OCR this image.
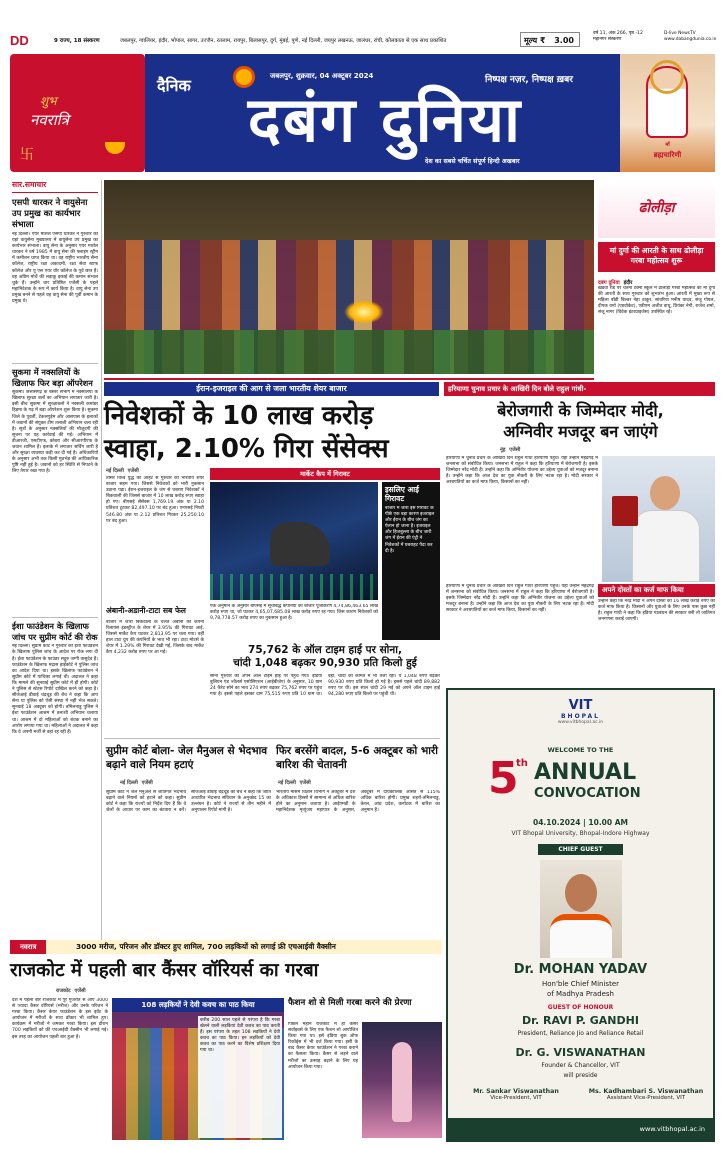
DD	9 राज्य, 18 संस्करण	जबलपुर, ग्वालियर, इंदौर, भोपाल, सागर, उज्जैन, रतलाम, रायपुर, बिलासपुर, दुर्ग, मुंबई, पुणे, नई दिल्ली, जयपुर लखनऊ, जालंधर, रांची, कोलकाता से एक साथ प्रकाशित	मूल्य ₹ 3.00
वर्ष 11, अंक 266, पृष्ठ -12
महानगर संस्करण
D-live NewsTV
www.dabangdunia.co.in
शुभ
नवरात्रि
卐
दैनिक	जबलपुर, शुक्रवार, 04 अक्टूबर 2024	निष्पक्ष नज़र, निष्पक्ष ख़बर
दबंग दुनिया
देश का सबसे चर्चित संपूर्ण हिन्दी अखबार
माँ
ब्रह्मचारिणी
सार.समाचार
एसपी धारकर ने वायुसेना उप प्रमुख का कार्यभार संभाला
नई दिल्ली। एयर मार्शल एसपी धारकर ने गुरुवार को यहां वायुसेना मुख्यालय में वायुसेना उप प्रमुख का कार्यभार संभाला। वायु सेना के अनुसार एयर मार्शल धारकर ने वर्ष 1985 में वायु सेना की फ्लाइंग स्ट्रीम में कमीशन प्राप्त किया था। वह राष्ट्रीय भारतीय सैन्य कॉलेज, राष्ट्रीय रक्षा अकादमी, रक्षा सेवा स्टाफ कॉलेज और यू एस एयर वॉर कॉलेज के पूर्व छात्र हैं। वह अग्रिम मोर्चे की लड़ाकू इकाई की कमान संभाल चुके हैं। उन्होंने चार प्रतिष्ठित एजेंसी के पहले महानिदेशक के रूप में कार्य किया है। वायु सेना उप प्रमुख बनने से पहले वह वायु सेना की पूर्वी कमान के प्रमुख थे।
सुकमा में नक्सलियों के खिलाफ फिर बड़ा ऑपरेशन
सुकमा। छत्तीसगढ़ के बस्तर संभाग में नक्सलियों के खिलाफ सुरक्षा बलों का अभियान लगातार जारी है। इसी बीच सुकमा में सुरक्षाबलों ने नक्सली कमांडर हिड़मा के गढ़ में बड़ा ऑपरेशन शुरू किया है। सुकमा जिले के पूवर्ती, टेकलगुड़ेम और आसपास के इलाकों में जवानों की संयुक्त टीम तलाशी अभियान चला रही है। सूत्रों के अनुसार नक्सलियों की मौजूदगी की सूचना पर यह कार्रवाई की गई। अभियान में डीआरजी, एसटीएफ, कोबरा और सीआरपीएफ के जवान शामिल हैं। इलाके में लगातार सर्चिंग जारी है और सुरक्षा व्यवस्था कड़ी कर दी गई है। अधिकारियों के अनुसार अभी तक किसी मुठभेड़ की आधिकारिक पुष्टि नहीं हुई है। जवानों को हर स्थिति से निपटने के लिए तैयार रखा गया है।
ईशा फाउंडेशन के खिलाफ जांच पर सुप्रीम कोर्ट की रोक
नई दिल्ली। सुप्रीम कोर्ट ने गुरुवार को ईशा फाउंडेशन के खिलाफ पुलिस जांच के आदेश पर रोक लगा दी है। ईशा फाउंडेशन के फाउंडर सद्गुरु जग्गी वासुदेव हैं। फाउंडेशन के खिलाफ मद्रास हाईकोर्ट ने पुलिस जांच का आदेश दिया था। इसके खिलाफ फाउंडेशन ने सुप्रीम कोर्ट में याचिका लगाई थी। अदालत ने कहा कि मामले की सुनवाई सुप्रीम कोर्ट में ही होगी। कोर्ट ने पुलिस से स्टेटस रिपोर्ट दाखिल करने को कहा है। सीजेआई डीवाई चंद्रचूड़ की बेंच ने कहा कि आप सेना या पुलिस को ऐसी संस्था में नहीं भेज सकते। सुनवाई 18 अक्टूबर को होगी। तमिलनाडु पुलिस ने ईशा फाउंडेशन आश्रम में तलाशी अभियान चलाया था। आश्रम में दो महिलाओं को बंधक बनाने का आरोप लगाया गया था। महिलाओं ने अदालत में कहा कि वे अपनी मर्जी से वहां रह रही हैं।
ढोलीड़ा
मां दुर्गा की आरती के साथ ढोलीड़ा गरबा महोत्सव शुरू
दबंग दुनिया इंदौर
खंडवा रोड पर चेतना टेक्नो स्कूल में ढोलीड़ा गरबा महोत्सव का मां दुर्गा की आरती के साथ गुरुवार को शुभारंभ हुआ। आरती में मुख्य रूप से महिला बॉडी बिल्डर नेहा ठाकुर, सांवरिया मनीष यादव, संजू गोयल, दीपक वर्मा (एडवोकेट), एडीएम अजीत वाधू, प्रियंका नेगी, राजेश शर्मा, संजू नागर (विवेक इंटरप्राइजेस) उपस्थित रहे।
ईरान-इजराइल की आग से जला भारतीय शेयर बाजार
निवेशकों के 10 लाख करोड़
स्वाहा, 2.10% गिरा सेंसेक्स
नई दिल्ली एजेंसी
तीसरे विश्व युद्ध की आहट से गुरुवार को भारतीय शेयर बाजार सहम गया। जिससे निवेशकों को भारी नुकसान उठाना पड़ा। ईरान-इजराइल के जंग से घबराए निवेशकों ने बिकवाली की जिससे बाजार में 10 लाख करोड़ रुपए स्वाहा हो गए। बीएसई सेंसेक्स 1,769.19 अंक या 2.10 प्रतिशत टूटकर 82,497.10 पर बंद हुआ। एनएसई निफ्टी 546.80 अंक या 2.12 प्रतिशत गिरकर 25,250.10 पर बंद हुआ।
अंबानी-अडानी-टाटा सब फेल
मार्केट कैप में गिरावट
एक अनुमान के अनुसार बीएसई में सूचीबद्ध कंपनियों का बाजार पूंजीकरण 4,74,86,463.65 लाख करोड़ रुपए था, जो घटकर 4,65,07,685.08 लाख करोड़ रुपए रह गया। जिस कारण निवेशकों को 9,78,778.57 करोड़ रुपए का नुकसान हुआ है।
इसलिए आई गिरावट
बाजार में जारी इस गिरावट के पीछे एक बड़ा कारण इजराइल और ईरान के बीच जंग का ऐलान हो जाना है। इजराइल और हिजबुल्ला के बीच जारी जंग में ईरान की एंट्री ने निवेशकों में घबराहट पैदा कर दी है।
बाजार में जारी बिकवाली के चलते अंबानी की कंपनी रिलायंस इंडस्ट्रीज के शेयर में 3.95% की गिरावट आई, जिससे मार्केट कैप घटकर 2,813.95 पर चला गया। वहीं हाल टाटा ग्रुप की कंपनियों के भाव भी रहा। टाटा मोटर्स के शेयर में 1.29% की गिरावट देखी गई, जिसके बाद मार्केट कैप 4,232 करोड़ रुपए पर आ गई।	75,762 के ऑल टाइम हाई पर सोना,
चांदी 1,048 बढ़कर 90,930 प्रति किलो हुई
सोना गुरुवार को अपने ऑल टाइम हाई पर पहुंच गया। इंडिया बुलियन एंड ज्वैलर्स एसोसिएशन (आईबीजेए) के अनुसार, 10 ग्राम 24 कैरेट सोने का भाव 274 रुपए बढ़कर 75,762 रुपए पर पहुंच गया है। इससे पहले इसका दाम 75,515 रुपए प्रति 10 ग्राम था। वहीं, चांदी की कीमत में भी तेजी रही। ये 1,048 रुपए बढ़कर 90,930 रुपए प्रति किलो हो गई है। इससे पहले चांदी 89,882 रुपए पर थी। इस साल चांदी 29 मई को अपने ऑल टाइम हाई 94,280 रुपए प्रति किलो पर पहुंची थी।
हरियाणा चुनाव प्रचार के आखिरी दिन बोले राहुल गांधी-
बेरोजगारी के जिम्मेदार मोदी,
अग्निवीर मजदूर बन जाएंगे
नूंह एजेंसी
हरियाणा में चुनाव प्रचार के आखिरी दिन राहुल गांधी हरियाणा पहुंचे। यहां उन्होंने महेंद्रगढ़ में जनसभा को संबोधित किया। जनसभा में राहुल ने कहा कि हरियाणा में बेरोजगारी है। इसके जिम्मेदार नरेंद्र मोदी हैं। उन्होंने कहा कि अग्निवीर योजना का उद्देश्य युवाओं को मजदूर बनाना है। उन्होंने कहा कि आज देश का युवा नौकरी के लिए भटक रहा है। मोदी सरकार ने अरबपतियों का कर्ज माफ किया, किसानों का नहीं।
अपने दोस्तों का कर्ज माफ किया
उन्होंने कहा कि नरेंद्र मोदी ने अपने दोस्तों का 16 लाख करोड़ रुपए का कर्ज माफ किया है। किसानों और युवाओं के लिए उनके पास कुछ नहीं है। राहुल गांधी ने कहा कि इंडिया गठबंधन की सरकार बनी तो जातिगत जनगणना कराई जाएगी।
हरियाणा में चुनाव प्रचार के आखिरी दिन राहुल गांधी हरियाणा पहुंचे। यहां उन्होंने महेंद्रगढ़ में जनसभा को संबोधित किया। जनसभा में राहुल ने कहा कि हरियाणा में बेरोजगारी है। इसके जिम्मेदार नरेंद्र मोदी हैं। उन्होंने कहा कि अग्निवीर योजना का उद्देश्य युवाओं को मजदूर बनाना है। उन्होंने कहा कि आज देश का युवा नौकरी के लिए भटक रहा है। मोदी सरकार ने अरबपतियों का कर्ज माफ किया, किसानों का नहीं।
सुप्रीम कोर्ट बोला- जेल मैनुअल से भेदभाव बढ़ाने वाले नियम हटाएं
नई दिल्ली एजेंसी
सुप्रीम कोर्ट ने जेल मैनुअल से जातिगत भेदभाव बढ़ाने वाले नियमों को हटाने को कहा। सुप्रीम कोर्ट ने कहा कि राज्यों को निर्देश दिए हैं कि वे जेलों के आधार पर काम का बंटवारा न करें। सीजेआई डीवाई चंद्रचूड़ की बेंच ने कहा कि जाति आधारित भेदभाव संविधान के अनुच्छेद 15 का उल्लंघन है। कोर्ट ने राज्यों से तीन महीने में अनुपालन रिपोर्ट मांगी है।
फिर बरसेंगे बादल, 5-6 अक्टूबर को भारी बारिश की चेतावनी
नई दिल्ली एजेंसी
भारतीय मौसम विज्ञान विभाग ने अक्टूबर में देश के अधिकांश हिस्सों में सामान्य से अधिक बारिश होने का अनुमान जताया है। आईएमडी के महानिदेशक मृत्युंजय महापात्र के अनुसार, अक्टूबर में दीर्घकालिक औसत से 115% अधिक बारिश होगी। प्रमुख शहरों-तमिलनाडु, केरल, आंध्र प्रदेश, कर्नाटक में बारिश का अनुमान है।
VIT
BHOPAL
www.vitbhopal.ac.in
WELCOME TO THE
5
th ANNUAL
CONVOCATION
04.10.2024 | 10.00 AM
VIT Bhopal University, Bhopal-Indore Highway
CHIEF GUEST
Dr. MOHAN YADAV
Hon'ble Chief Minister
of Madhya Pradesh
GUEST OF HONOUR
Dr. RAVI P. GANDHI
President, Reliance Jio and Reliance Retail
Dr. G. VISWANATHAN
Founder & Chancellor, VIT
will preside
Mr. Sankar Viswanathan
Vice-President, VIT
Ms. Kadhambari S. Viswanathan
Assistant Vice-President, VIT
www.vitbhopal.ac.in
नवरात्र	3000 मरीज, परिजन और डॉक्टर हुए शामिल, 700 लड़कियों को लगाई फ्री एचआईवी वैक्सीन
राजकोट में पहली बार कैंसर वॉरियर्स का गरबा
राजकोट एजेंसी
देश में पहली बार राजकोट में पूरे गुजरात से आए 3000 से ज्यादा कैंसर वॉरियर्स (मरीज) और उनके परिजन ने गरबा किया। कैंसर केयर फाउंडेशन के इस इवेंट के आयोजन में मरीजों के साथ डॉक्टर भी शामिल हुए। कार्यक्रम में मरीजों ने जमकर गरबा किया। इस दौरान 700 लड़कियों को फ्री एचआईवी वैक्सीन भी लगाई गई। इस तरह का आयोजन पहली बार हुआ है।
108 लड़कियों ने देवी कवच का पाठ किया
करीब 200 साल पहले से परंपरा है कि गरबा खेलने वाली लड़कियां देवी कवच का पाठ करती हैं। इस परंपरा के तहत 108 लड़कियों ने देवी कवच का पाठ किया। इन लड़कियों को देवी कवच का पाठ करने का विशेष प्रशिक्षण दिया गया था।
फैशन शो से मिली गरबा करने की प्रेरणा
पिछले महीने राजकोट में ही कैंसर सर्वाइवर्स के लिए एक फैशन शो आयोजित किया गया था। इसे इंडिया बुक ऑफ रिकॉर्ड्स में भी दर्ज किया गया। इसी के बाद कैंसर केयर फाउंडेशन ने गरबा कराने का फैसला किया। कैंसर से लड़ने वाले मरीजों का उत्साह बढ़ाने के लिए यह आयोजन किया गया।
